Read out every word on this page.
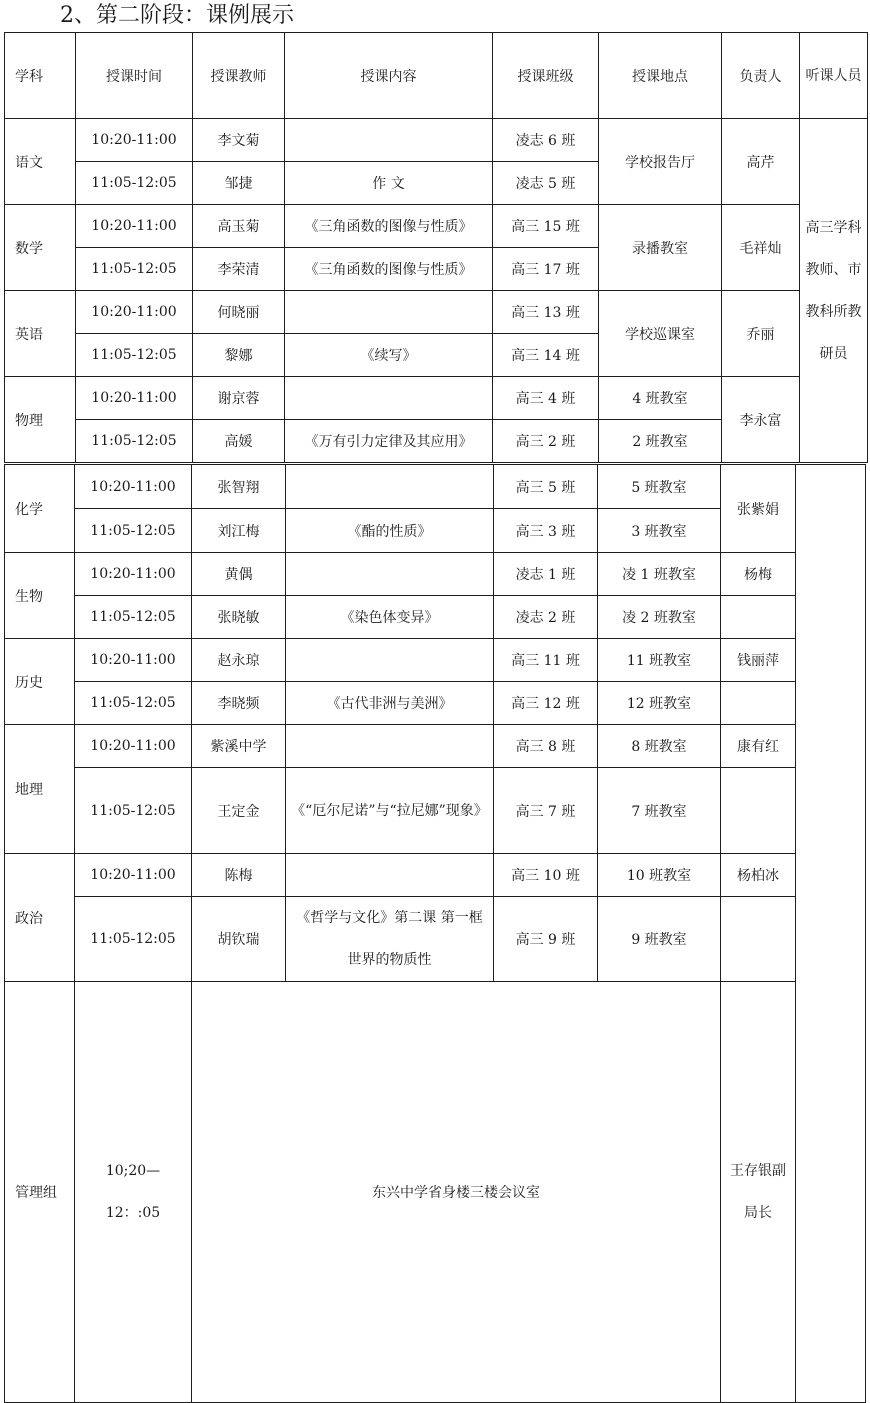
2、第二阶段：课例展示
学科	授课时间	授课教师	授课内容	授课班级	授课地点	负责人	听课人员
语文	10:20-11:00	李文菊		凌志 6 班	学校报告厅	高芹	高三学科教师、市教科所教研员
	11:05-12:05	邹捷	作 文	凌志 5 班			
数学	10:20-11:00	高玉菊	《三角函数的图像与性质》	高三 15 班	录播教室	毛祥灿	
	11:05-12:05	李荣清	《三角函数的图像与性质》	高三 17 班			
英语	10:20-11:00	何晓丽		高三 13 班	学校巡课室	乔丽	
	11:05-12:05	黎娜	《续写》	高三 14 班			
物理	10:20-11:00	谢京蓉		高三 4 班	4 班教室	李永富	
	11:05-12:05	高媛	《万有引力定律及其应用》	高三 2 班	2 班教室		
化学	10:20-11:00	张智翔		高三 5 班	5 班教室	张紫娟		
	11:05-12:05	刘江梅	《酯的性质》	高三 3 班	3 班教室			
生物	10:20-11:00	黄偶		凌志 1 班	凌 1 班教室	杨梅		
	11:05-12:05	张晓敏	《染色体变异》	凌志 2 班	凌 2 班教室			
历史	10:20-11:00	赵永琼		高三 11 班	11 班教室	钱丽萍		
	11:05-12:05	李晓频	《古代非洲与美洲》	高三 12 班	12 班教室			
地理	10:20-11:00	紫溪中学		高三 8 班	8 班教室	康有红		
	11:05-12:05	王定金	《“厄尔尼诺”与“拉尼娜”现象》	高三 7 班	7 班教室			
政治	10:20-11:00	陈梅		高三 10 班	10 班教室	杨柏冰		
	11:05-12:05	胡钦瑞	《哲学与文化》第二课 第一框 世界的物质性	高三 9 班	9 班教室			
管理组	10;20—12：:05	东兴中学省身楼三楼会议室				王存银副局长	
